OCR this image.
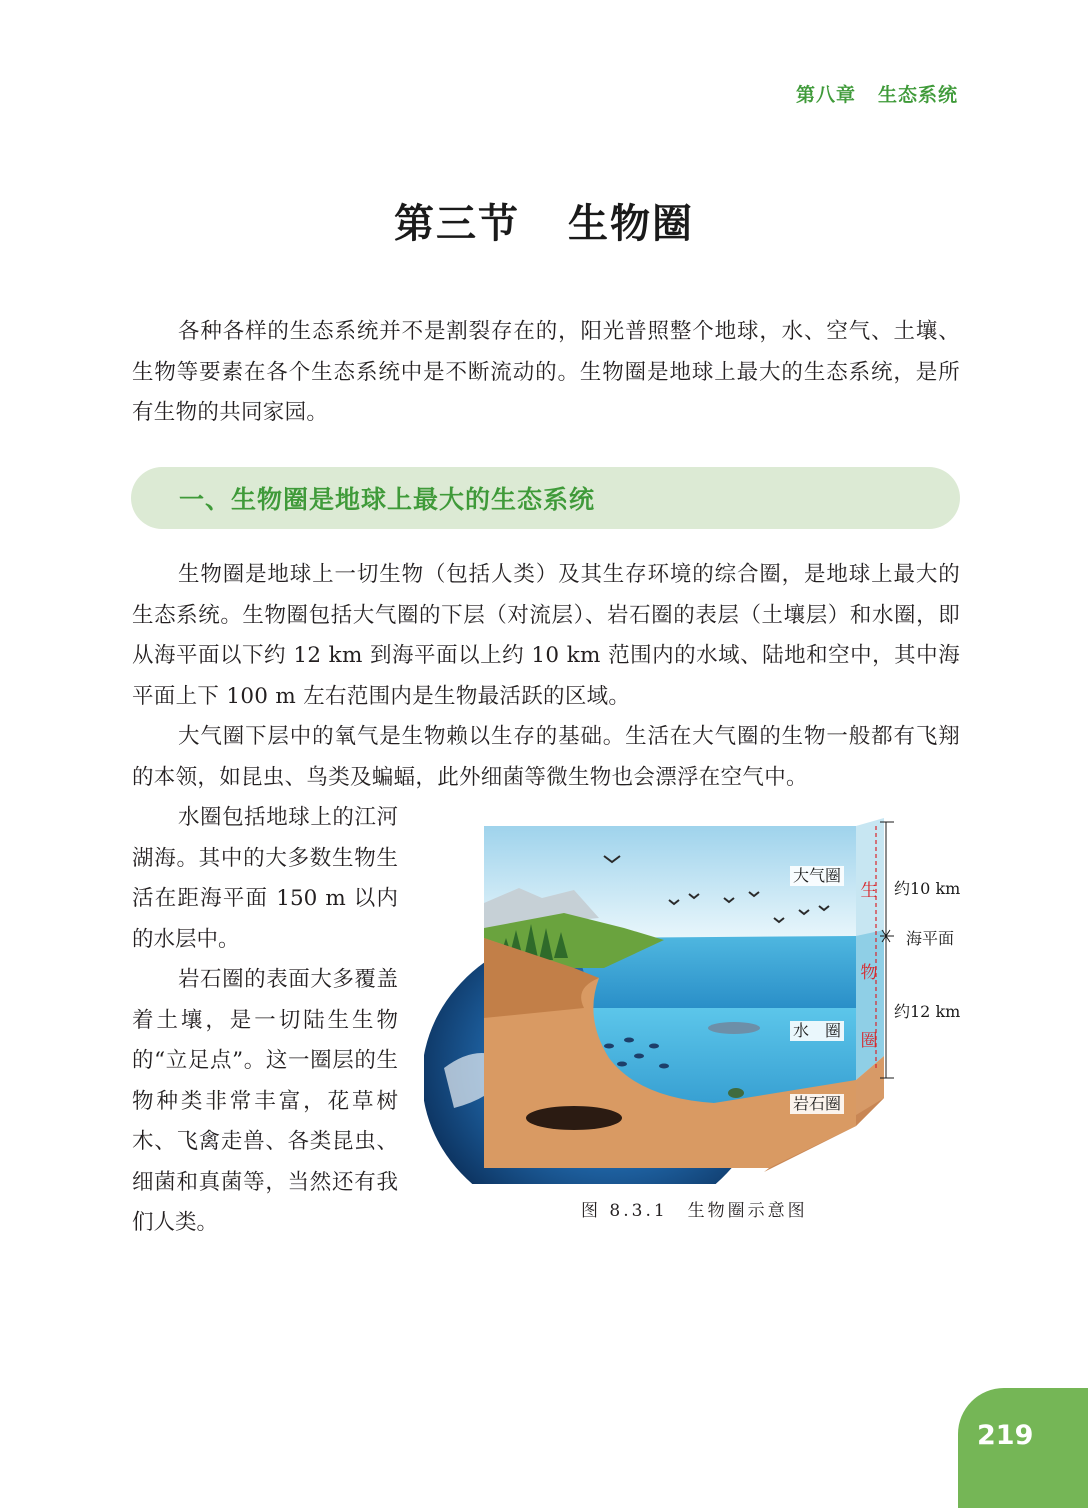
第八章 生态系统
第三节 生物圈

各种各样的生态系统并不是割裂存在的，阳光普照整个地球，水、空气、土壤、生物等要素在各个生态系统中是不断流动的。生物圈是地球上最大的生态系统，是所有生物的共同家园。

一、生物圈是地球上最大的生态系统

生物圈是地球上一切生物（包括人类）及其生存环境的综合圈，是地球上最大的生态系统。生物圈包括大气圈的下层（对流层）、岩石圈的表层（土壤层）和水圈，即从海平面以下约 12 km 到海平面以上约 10 km 范围内的水域、陆地和空中，其中海平面上下 100 m 左右范围内是生物最活跃的区域。

大气圈下层中的氧气是生物赖以生存的基础。生活在大气圈的生物一般都有飞翔的本领，如昆虫、鸟类及蝙蝠，此外细菌等微生物也会漂浮在空气中。

水圈包括地球上的江河湖海。其中的大多数生物生活在距海平面 150 m 以内的水层中。

岩石圈的表面大多覆盖着土壤，是一切陆生生物的“立足点”。这一圈层的生物种类非常丰富，花草树木、飞禽走兽、各类昆虫、细菌和真菌等，当然还有我们人类。

大气圈
水　圈
岩石圈
约10 km
海平面
约12 km
生
物
圈
图 8.3.1 生物圈示意图
219
